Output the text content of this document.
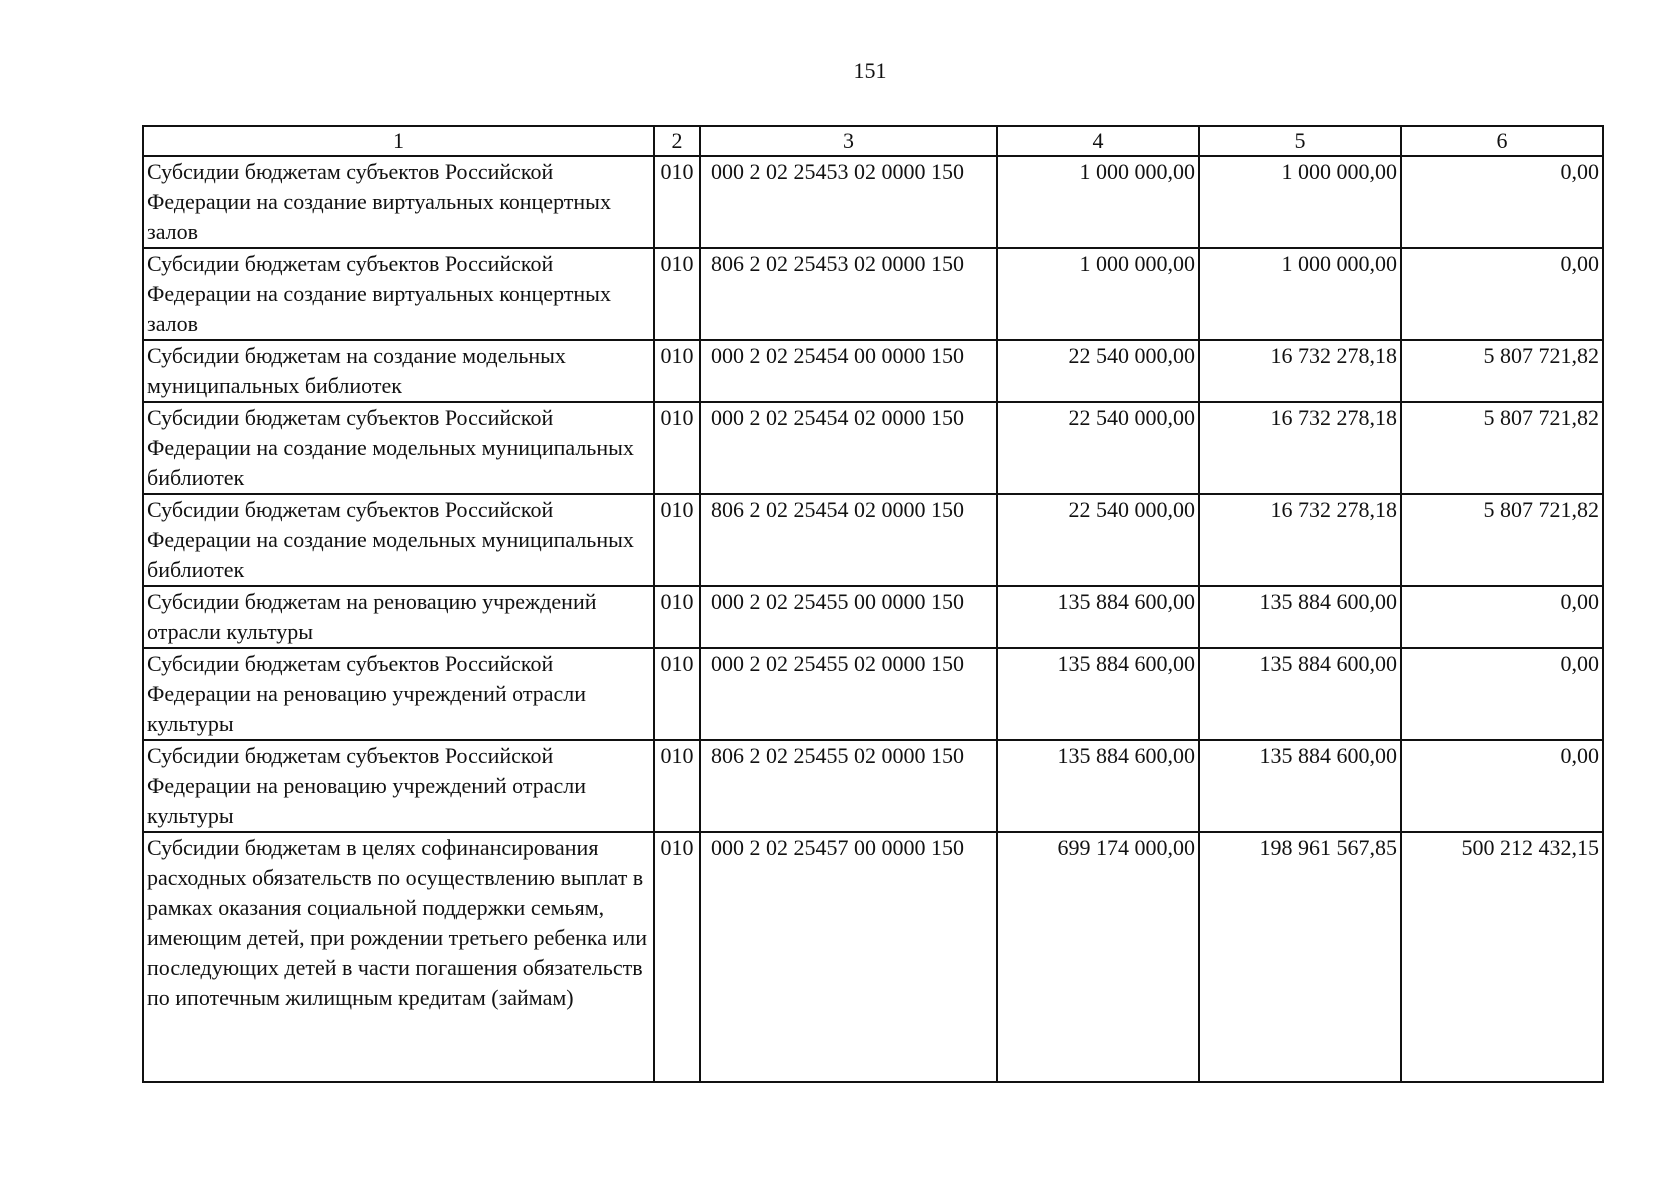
151
1	2	3	4	5	6
Субсидии бюджетам субъектов Российской Федерации на создание виртуальных концертных залов	010	000 2 02 25453 02 0000 150	1 000 000,00	1 000 000,00	0,00
Субсидии бюджетам субъектов Российской Федерации на создание виртуальных концертных залов	010	806 2 02 25453 02 0000 150	1 000 000,00	1 000 000,00	0,00
Субсидии бюджетам на создание модельных муниципальных библиотек	010	000 2 02 25454 00 0000 150	22 540 000,00	16 732 278,18	5 807 721,82
Субсидии бюджетам субъектов Российской Федерации на создание модельных муниципальных библиотек	010	000 2 02 25454 02 0000 150	22 540 000,00	16 732 278,18	5 807 721,82
Субсидии бюджетам субъектов Российской Федерации на создание модельных муниципальных библиотек	010	806 2 02 25454 02 0000 150	22 540 000,00	16 732 278,18	5 807 721,82
Субсидии бюджетам на реновацию учреждений отрасли культуры	010	000 2 02 25455 00 0000 150	135 884 600,00	135 884 600,00	0,00
Субсидии бюджетам субъектов Российской Федерации на реновацию учреждений отрасли культуры	010	000 2 02 25455 02 0000 150	135 884 600,00	135 884 600,00	0,00
Субсидии бюджетам субъектов Российской Федерации на реновацию учреждений отрасли культуры	010	806 2 02 25455 02 0000 150	135 884 600,00	135 884 600,00	0,00
Субсидии бюджетам в целях софинансирования расходных обязательств по осуществлению выплат в рамках оказания социальной поддержки семьям, имеющим детей, при рождении третьего ребенка или последующих детей в части погашения обязательств по ипотечным жилищным кредитам (займам)	010	000 2 02 25457 00 0000 150	699 174 000,00	198 961 567,85	500 212 432,15
